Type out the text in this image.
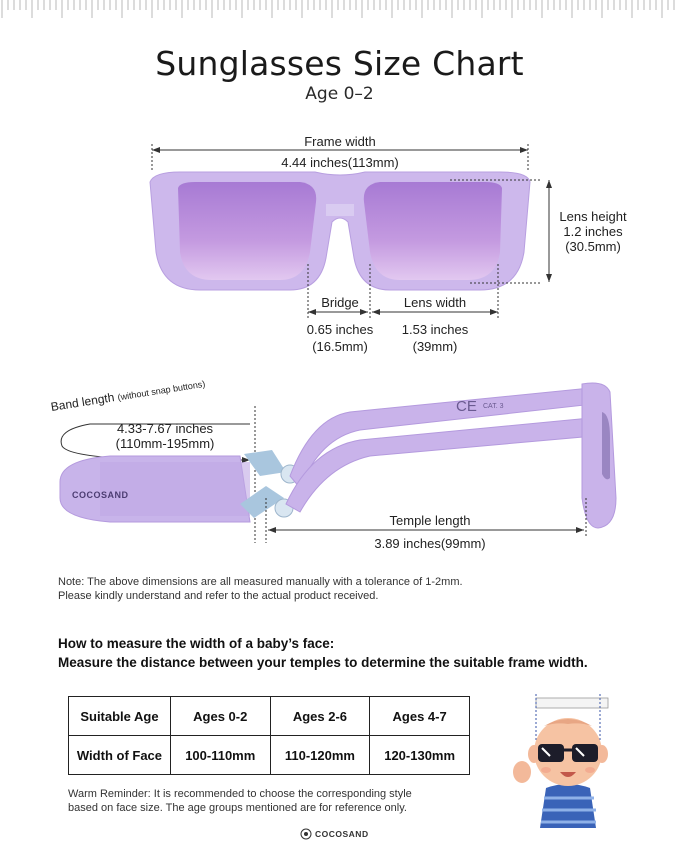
Sunglasses Size Chart
Age 0–2
Frame width
4.44 inches(113mm)
Lens height
1.2 inches
(30.5mm)
Bridge
0.65 inches
(16.5mm)
Lens width
1.53 inches
(39mm)
Band length (without snap buttons)
4.33-7.67 inches
(110mm-195mm)
COCOSAND
CE CAT. 3
Temple length
3.89 inches(99mm)
Note: The above dimensions are all measured manually with a tolerance of 1-2mm.
Please kindly understand and refer to the actual product received.
How to measure the width of a baby’s face:
Measure the distance between your temples to determine the suitable frame width.
Suitable Age	Ages 0-2	Ages 2-6	Ages 4-7
Width of Face	100-110mm	110-120mm	120-130mm
Warm Reminder: It is recommended to choose the corresponding style
based on face size. The age groups mentioned are for reference only.
COCOSAND
